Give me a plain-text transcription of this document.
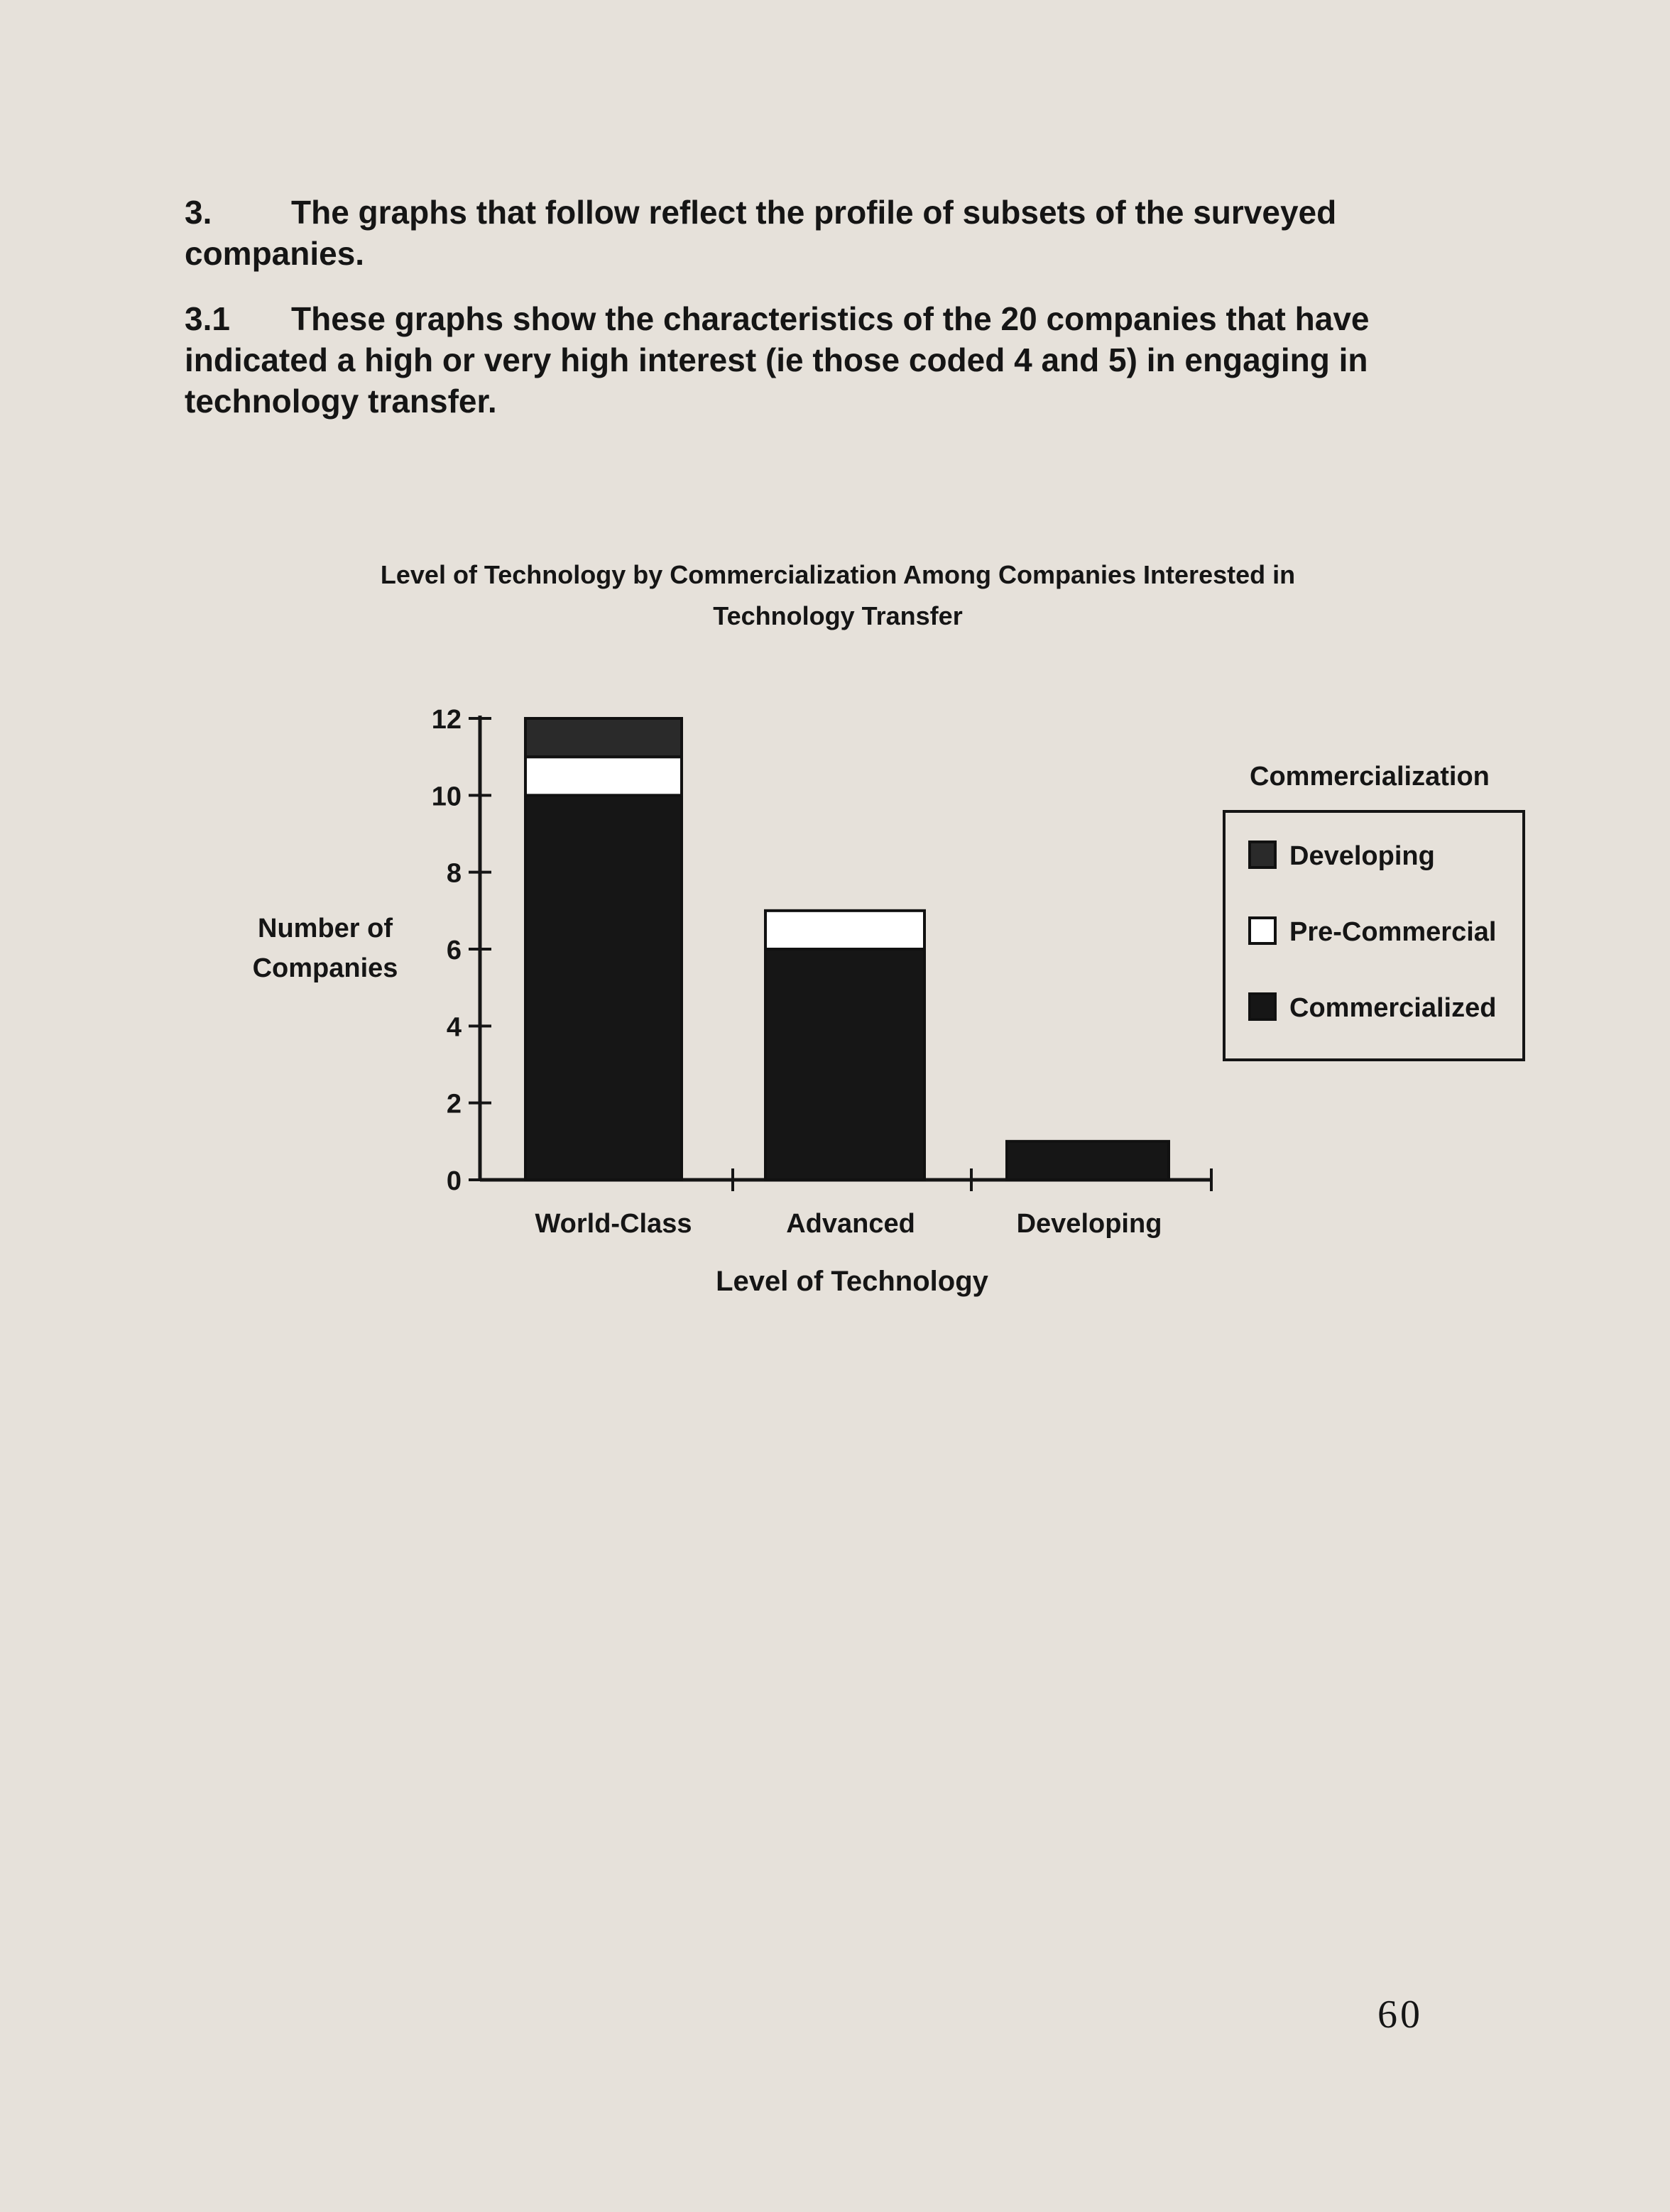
3. The graphs that follow reflect the profile of subsets of the surveyed companies.

3.1 These graphs show the characteristics of the 20 companies that have indicated a high or very high interest (ie those coded 4 and 5) in engaging in technology transfer.

Level of Technology by Commercialization Among Companies Interested in
Technology Transfer
Number of
Companies
0
2
4
6
8
10
12
World-Class	Advanced	Developing
Level of Technology
Commercialization
Developing
Pre-Commercial
Commercialized
60
